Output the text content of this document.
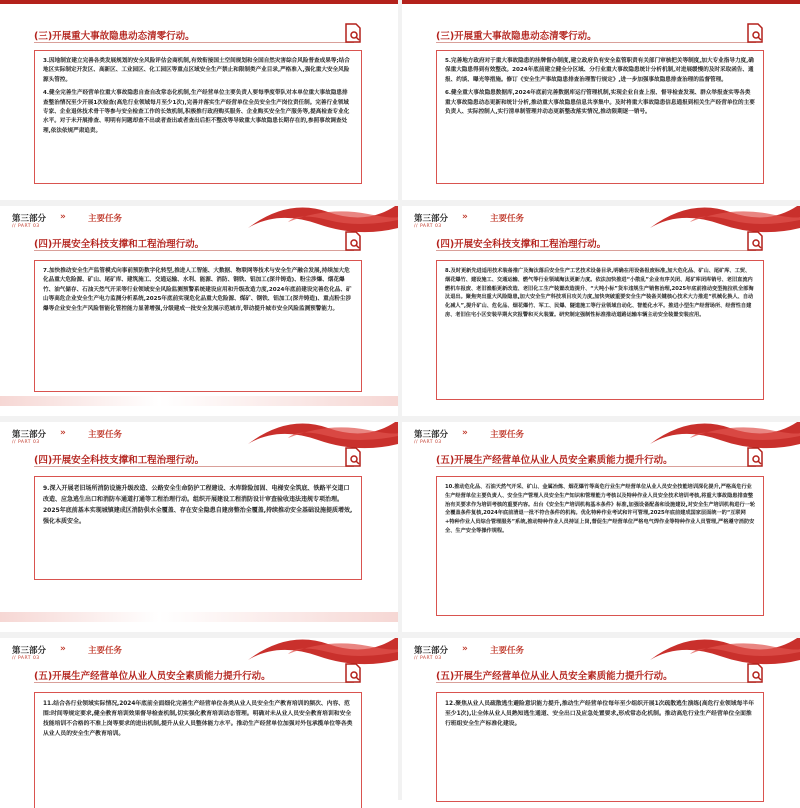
(三)开展重大事故隐患动态清零行动。

3.因地制宜建立完善各类发展规划的安全风险评估会商机制,有效衔接国土空间规划和全国自然灾害综合风险普查成果等;结合地区实际制定开发区、高新区、工业园区、化工园区等重点区域安全生产禁止和限制类产业目录,严格准入,强化重大安全风险源头管控。

4.健全完善生产经营单位重大事故隐患自查自改常态化机制,生产经营单位主要负责人要每季度带队对本单位重大事故隐患排查整治情况至少开展1次检查(高危行业领域每月至少1次),完善并落实生产经营单位全员安全生产岗位责任制。完善行业领域专家、企业退休技术骨干等参与安全检查工作的长效机制,积极推行政府购买服务、企业购买安全生产服务等,提高检查专业化水平。对于未开展排查、明明有问题却查不出或者查出或者查出后拒不整改等导致重大事故隐患长期存在的,参照事故调查处理,依法依规严肃追责。

(三)开展重大事故隐患动态清零行动。

5.完善地方政府对于重大事故隐患的挂牌督办制度,建立政府负有安全监管职责有关部门审核把关等制度,加大专业指导力度,确保重大隐患得到有效整改。2024年底前建立健全分区域、分行业重大事故隐患统计分析机制,对进展缓慢的及时采取函告、通报、约谈、曝光等措施。修订《安全生产事故隐患排查治理暂行规定》,进一步加强事故隐患排查治理的监督管理。

6.健全重大事故隐患数据库,2024年底前完善数据库运行管理机制,实现企业自查上报、督导检查发现、群众举报查实等各类重大事故隐患动态更新和统计分析,推动重大事故隐患信息共享集中。及时将重大事故隐患信息通报到相关生产经营单位的主要负责人、实际控制人,实行清单制管理并动态更新整改落实情况,推动限期逐一销号。

第三部分
// PART 03
»	主要任务
(四)开展安全科技支撑和工程治理行动。

7.加快推动安全生产监管模式向事前预防数字化转型,推进人工智能、大数据、物联网等技术与安全生产融合发展,持续加大危化品重大危险源、矿山、尾矿库、建筑施工、交通运输、水利、能源、消防、钢铁、铝加工(深井铸造)、粉尘涉爆、烟花爆竹、油气储存、石油天然气开采等行业领域安全风险监测预警系统建设应用和升级改造力度,2024年底前建设完善危化品、矿山等高危企业安全生产电力监测分析系统,2025年底前实现危化品重大危险源、煤矿、钢铁、铝加工(深井铸造)、重点粉尘涉爆等企业安全生产风险智能化管控能力显著增强,分级建成一批安全发展示范城市,带动提升城市安全风险监测预警能力。

第三部分
// PART 03
»	主要任务
(四)开展安全科技支撑和工程治理行动。

8.及时更新先进适用技术装备推广及淘汰落后安全生产工艺技术设备目录,明确在用设备报废标准,加大危化品、矿山、尾矿库、工贸、烟花爆竹、建设施工、交通运输、燃气等行业领域淘汰更新力度。依法加快推进“小散乱”企业有序关闭、尾矿库闭库销号、老旧直流内燃机车报废、老旧渔船更新改造、老旧化工生产装置改造提升、“大吨小标”货车违规生产销售治理,2025年底前推动变型拖拉机全部淘汰退出。聚焦突出重大风险隐患,加大安全生产科技项目攻关力度,加快突破重要安全生产装备关键核心技术大力推进“机械化换人、自动化减人”,提升矿山、危化品、烟花爆竹、军工、民爆、隧道施工等行业领域自动化、智能化水平。推进小型生产经营场所、经营性自建房、老旧住宅小区安装早期火灾报警和灭火装置。研究制定强制性标准推动道路运输车辆主动安全装置安装应用。

第三部分
// PART 03
»	主要任务
(四)开展安全科技支撑和工程治理行动。

9.深入开展老旧场所消防设施升级改造、公路安全生命防护工程建设、水库除险加固、电梯安全筑底、铁路平交道口改造、应急逃生出口和消防车通道打通等工程治理行动。组织开展建设工程消防设计审查验收违法违规专项治理。2025年底前基本实现城镇建成区消防供水全覆盖、存在安全隐患自建房整治全覆盖,持续推动安全基础设施提质增效,强化本质安全。

第三部分
// PART 03
»	主要任务
(五)开展生产经营单位从业人员安全素质能力提升行动。

10.推动危化品、石油天然气开采、矿山、金属冶炼、烟花爆竹等高危行业生产经营单位从业人员安全技能培训深化提升,严格高危行业生产经营单位主要负责人、安全生产管理人员安全生产知识和管理能力考核以及特种作业人员安全技术培训考核,将重大事故隐患排查整治有关要求作为培训考核的重要内容。出台《安全生产培训机构基本条件》标准,加强设备配备和设施建设,对安全生产培训机构进行一轮全覆盖条件复核,2024年底前清退一批不符合条件的机构。优化特种作业考试和许可管理,2025年底前建成国家层面统一的“互联网+特种作业人员综合管理服务”系统,推动特种作业人员持证上岗,督促生产经营单位严格电气焊作业等特种作业人员管理,严格遵守消防安全、生产安全等操作规程。

第三部分
// PART 03
»	主要任务
(五)开展生产经营单位从业人员安全素质能力提升行动。

11.结合各行业领域实际情况,2024年底前全面细化完善生产经营单位各类从业人员安全生产教育培训的频次、内容、范围:时间等规定要求,健全教育培训效果督导检查机制,切实强化教育培训动态管理。明确对未从业人员安全教育培训和安全技能培训不合格的不准上岗等要求的进出机制,提升从业人员整体能力水平。推动生产经营单位加强对外包承揽单位等各类从业人员的安全生产教育培训。

第三部分
// PART 03
»	主要任务
(五)开展生产经营单位从业人员安全素质能力提升行动。

12.聚焦从业人员疏散逃生避险意识能力提升,推动生产经营单位每年至少组织开展1次疏散逃生演练(高危行业领域每半年至少1次),让全体从业人员熟知逃生通道、安全出口及应急处置要求,形成常态化机制。推动高危行业生产经营单位全面推行班组安全生产标准化建设。
